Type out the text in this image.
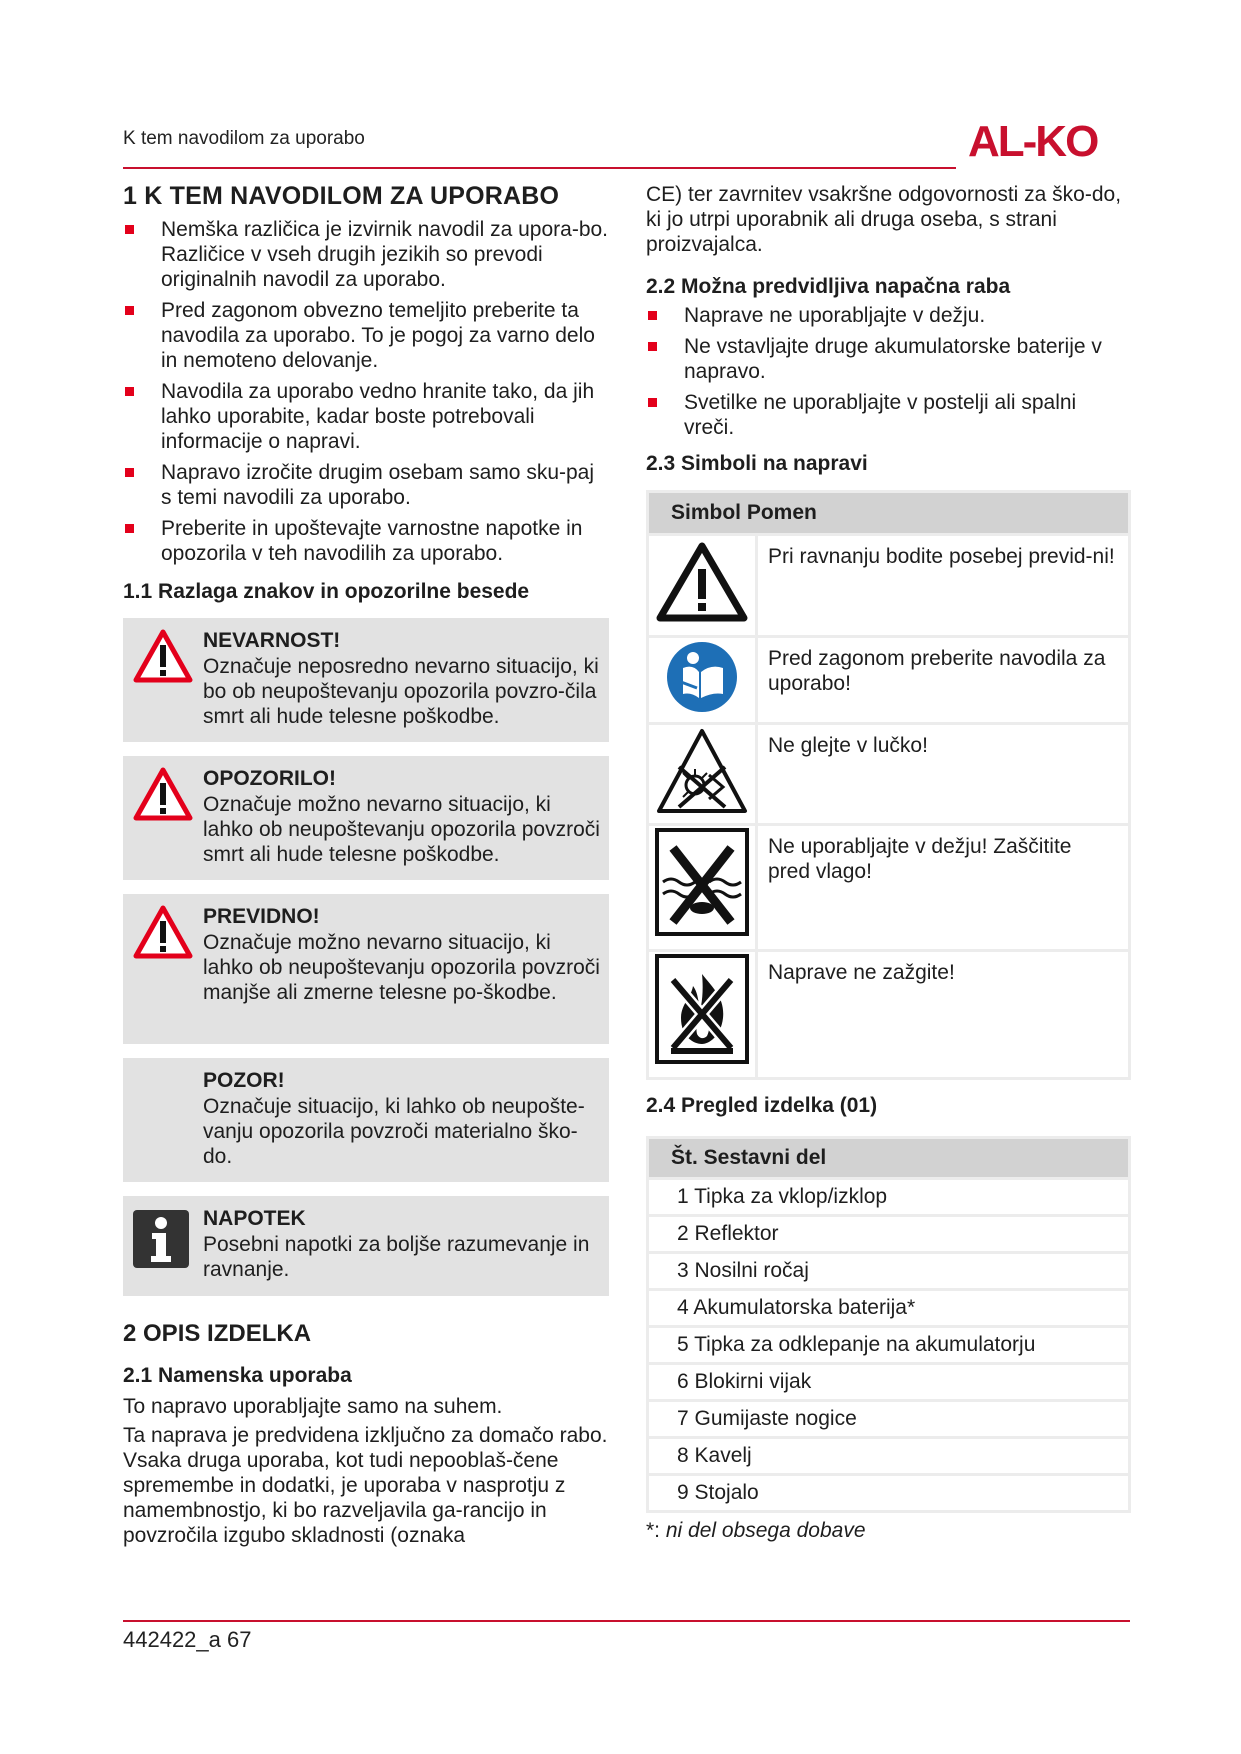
K tem navodilom za uporabo	AL-KO
1 K TEM NAVODILOM ZA UPORABO
Nemška različica je izvirnik navodil za upora-bo. Različice v vseh drugih jezikih so prevodi originalnih navodil za uporabo.
Pred zagonom obvezno temeljito preberite ta navodila za uporabo. To je pogoj za varno delo in nemoteno delovanje.
Navodila za uporabo vedno hranite tako, da jih lahko uporabite, kadar boste potrebovali informacije o napravi.
Napravo izročite drugim osebam samo sku-paj s temi navodili za uporabo.
Preberite in upoštevajte varnostne napotke in opozorila v teh navodilih za uporabo.
1.1 Razlaga znakov in opozorilne besede
NEVARNOST!
Označuje neposredno nevarno situacijo, ki bo ob neupoštevanju opozorila povzro-čila smrt ali hude telesne poškodbe.
OPOZORILO!
Označuje možno nevarno situacijo, ki lahko ob neupoštevanju opozorila povzroči smrt ali hude telesne poškodbe.
PREVIDNO!
Označuje možno nevarno situacijo, ki lahko ob neupoštevanju opozorila povzroči manjše ali zmerne telesne po-škodbe.
POZOR!
Označuje situacijo, ki lahko ob neupošte-vanju opozorila povzroči materialno ško-do.
NAPOTEK
Posebni napotki za boljše razumevanje in ravnanje.
2 OPIS IZDELKA
2.1 Namenska uporaba

To napravo uporabljajte samo na suhem.

Ta naprava je predvidena izključno za domačo rabo. Vsaka druga uporaba, kot tudi nepooblaš-čene spremembe in dodatki, je uporaba v nasprotju z namembnostjo, ki bo razveljavila ga-rancijo in povzročila izgubo skladnosti (oznaka

CE) ter zavrnitev vsakršne odgovornosti za ško-do, ki jo utrpi uporabnik ali druga oseba, s strani proizvajalca.

2.2 Možna predvidljiva napačna raba
Naprave ne uporabljajte v dežju.
Ne vstavljajte druge akumulatorske baterije v napravo.
Svetilke ne uporabljajte v postelji ali spalni vreči.
2.3 Simboli na napravi
Simbol Pomen	
	Pri ravnanju bodite posebej previd-ni!
	Pred zagonom preberite navodila za uporabo!
	Ne glejte v lučko!
	Ne uporabljajte v dežju! Zaščitite pred vlago!
	Naprave ne zažgite!
2.4 Pregled izdelka (01)
Št. Sestavni del
1 Tipka za vklop/izklop
2 Reflektor
3 Nosilni ročaj
4 Akumulatorska baterija*
5 Tipka za odklepanje na akumulatorju
6 Blokirni vijak
7 Gumijaste nogice
8 Kavelj
9 Stojalo
*: ni del obsega dobave
442422_a 67
